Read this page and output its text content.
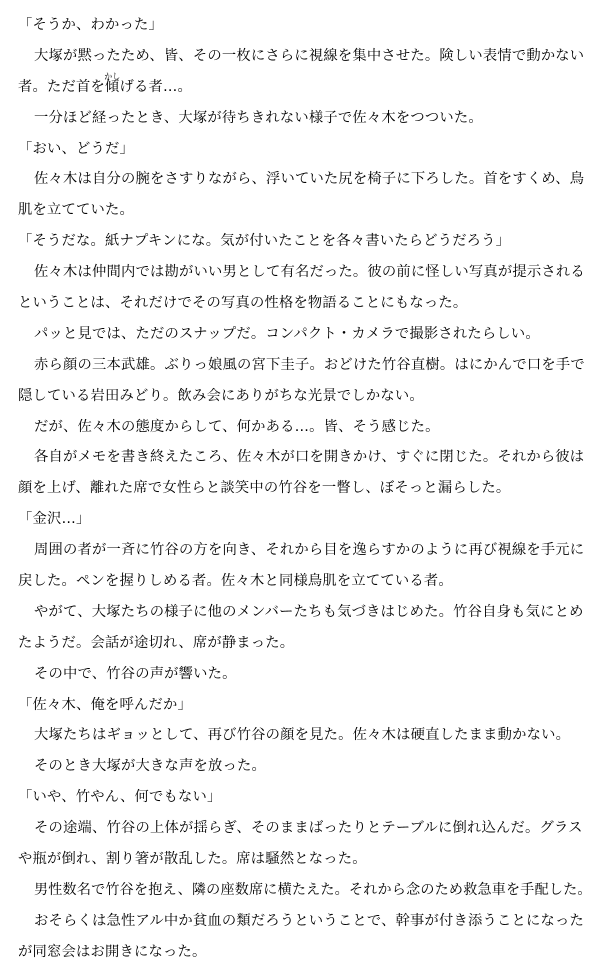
「そうか、わかった」
大塚が黙ったため、皆、その一枚にさらに視線を集中させた。険しい表情で動かない
者。ただ首を傾げる者…。
かし
一分ほど経ったとき、大塚が待ちきれない様子で佐々木をつついた。
「おい、どうだ」
佐々木は自分の腕をさすりながら、浮いていた尻を椅子に下ろした。首をすくめ、鳥
肌を立てていた。
「そうだな。紙ナプキンにな。気が付いたことを各々書いたらどうだろう」
佐々木は仲間内では勘がいい男として有名だった。彼の前に怪しい写真が提示される
ということは、それだけでその写真の性格を物語ることにもなった。
パッと見では、ただのスナップだ。コンパクト・カメラで撮影されたらしい。
赤ら顔の三本武雄。ぶりっ娘風の宮下圭子。おどけた竹谷直樹。はにかんで口を手で
隠している岩田みどり。飲み会にありがちな光景でしかない。
だが、佐々木の態度からして、何かある…。皆、そう感じた。
各自がメモを書き終えたころ、佐々木が口を開きかけ、すぐに閉じた。それから彼は
顔を上げ、離れた席で女性らと談笑中の竹谷を一瞥し、ぼそっと漏らした。
「金沢…」
周囲の者が一斉に竹谷の方を向き、それから目を逸らすかのように再び視線を手元に
戻した。ペンを握りしめる者。佐々木と同様鳥肌を立てている者。
やがて、大塚たちの様子に他のメンバーたちも気づきはじめた。竹谷自身も気にとめ
たようだ。会話が途切れ、席が静まった。
その中で、竹谷の声が響いた。
「佐々木、俺を呼んだか」
大塚たちはギョッとして、再び竹谷の顔を見た。佐々木は硬直したまま動かない。
そのとき大塚が大きな声を放った。
「いや、竹やん、何でもない」
その途端、竹谷の上体が揺らぎ、そのままばったりとテーブルに倒れ込んだ。グラス
や瓶が倒れ、割り箸が散乱した。席は騒然となった。
男性数名で竹谷を抱え、隣の座数席に横たえた。それから念のため救急車を手配した。
おそらくは急性アル中か貧血の類だろうということで、幹事が付き添うことになった
が同窓会はお開きになった。
